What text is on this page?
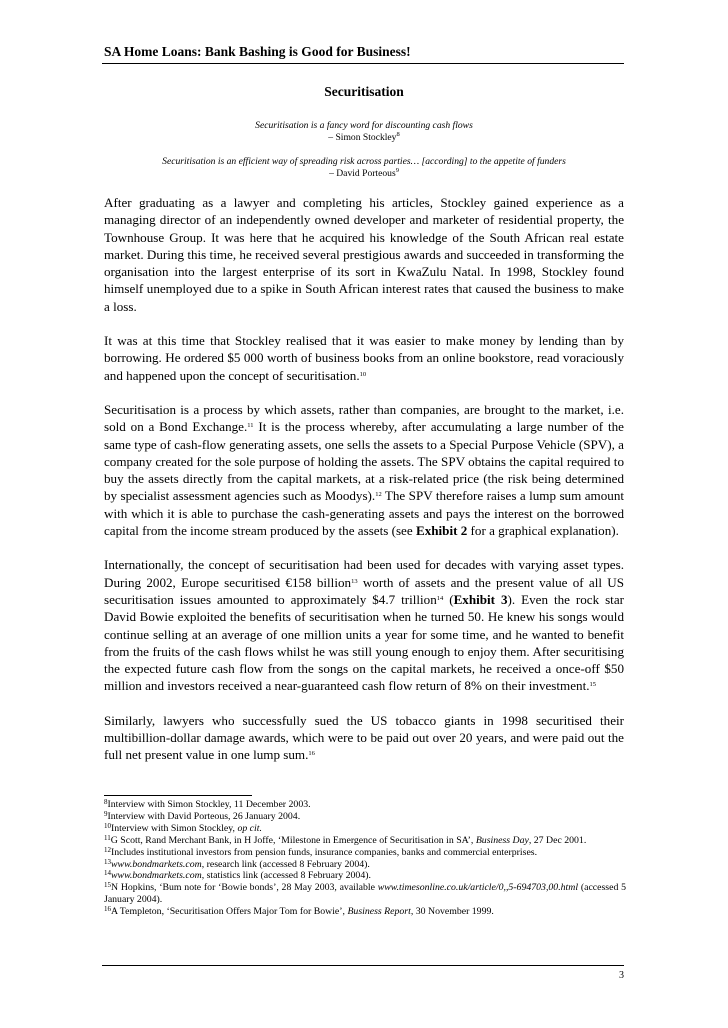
SA Home Loans: Bank Bashing is Good for Business!
Securitisation
Securitisation is a fancy word for discounting cash flows
– Simon Stockley$^8$
Securitisation is an efficient way of spreading risk across parties… [according] to the appetite of funders
– David Porteous$^9$

After graduating as a lawyer and completing his articles, Stockley gained experience as a managing director of an independently owned developer and marketer of residential property, the Townhouse Group. It was here that he acquired his knowledge of the South African real estate market. During this time, he received several prestigious awards and succeeded in transforming the organisation into the largest enterprise of its sort in KwaZulu Natal. In 1998, Stockley found himself unemployed due to a spike in South African interest rates that caused the business to make a loss.

It was at this time that Stockley realised that it was easier to make money by lending than by borrowing. He ordered $5 000 worth of business books from an online bookstore, read voraciously and happened upon the concept of securitisation.$^{10}$

Securitisation is a process by which assets, rather than companies, are brought to the market, i.e. sold on a Bond Exchange.$^{11}$ It is the process whereby, after accumulating a large number of the same type of cash-flow generating assets, one sells the assets to a Special Purpose Vehicle (SPV), a company created for the sole purpose of holding the assets. The SPV obtains the capital required to buy the assets directly from the capital markets, at a risk-related price (the risk being determined by specialist assessment agencies such as Moodys).$^{12}$ The SPV therefore raises a lump sum amount with which it is able to purchase the cash-generating assets and pays the interest on the borrowed capital from the income stream produced by the assets (see Exhibit 2 for a graphical explanation).

Internationally, the concept of securitisation had been used for decades with varying asset types. During 2002, Europe securitised €158 billion$^{13}$ worth of assets and the present value of all US securitisation issues amounted to approximately $4.7 trillion$^{14}$ (Exhibit 3). Even the rock star David Bowie exploited the benefits of securitisation when he turned 50. He knew his songs would continue selling at an average of one million units a year for some time, and he wanted to benefit from the fruits of the cash flows whilst he was still young enough to enjoy them. After securitising the expected future cash flow from the songs on the capital markets, he received a once-off $50 million and investors received a near-guaranteed cash flow return of 8% on their investment.$^{15}$

Similarly, lawyers who successfully sued the US tobacco giants in 1998 securitised their multibillion-dollar damage awards, which were to be paid out over 20 years, and were paid out the full net present value in one lump sum.$^{16}$

$^8$Interview with Simon Stockley, 11 December 2003.
$^9$Interview with David Porteous, 26 January 2004.
$^{10}$Interview with Simon Stockley, op cit.
$^{11}$G Scott, Rand Merchant Bank, in H Joffe, ‘Milestone in Emergence of Securitisation in SA’, Business Day, 27 Dec 2001.
$^{12}$Includes institutional investors from pension funds, insurance companies, banks and commercial enterprises.
$^{13}$www.bondmarkets.com, research link (accessed 8 February 2004).
$^{14}$www.bondmarkets.com, statistics link (accessed 8 February 2004).
$^{15}$N Hopkins, ‘Bum note for ‘Bowie bonds’, 28 May 2003, available www.timesonline.co.uk/article/0,,5-694703,00.html (accessed 5 January 2004).
$^{16}$A Templeton, ‘Securitisation Offers Major Tom for Bowie’, Business Report, 30 November 1999.
3
